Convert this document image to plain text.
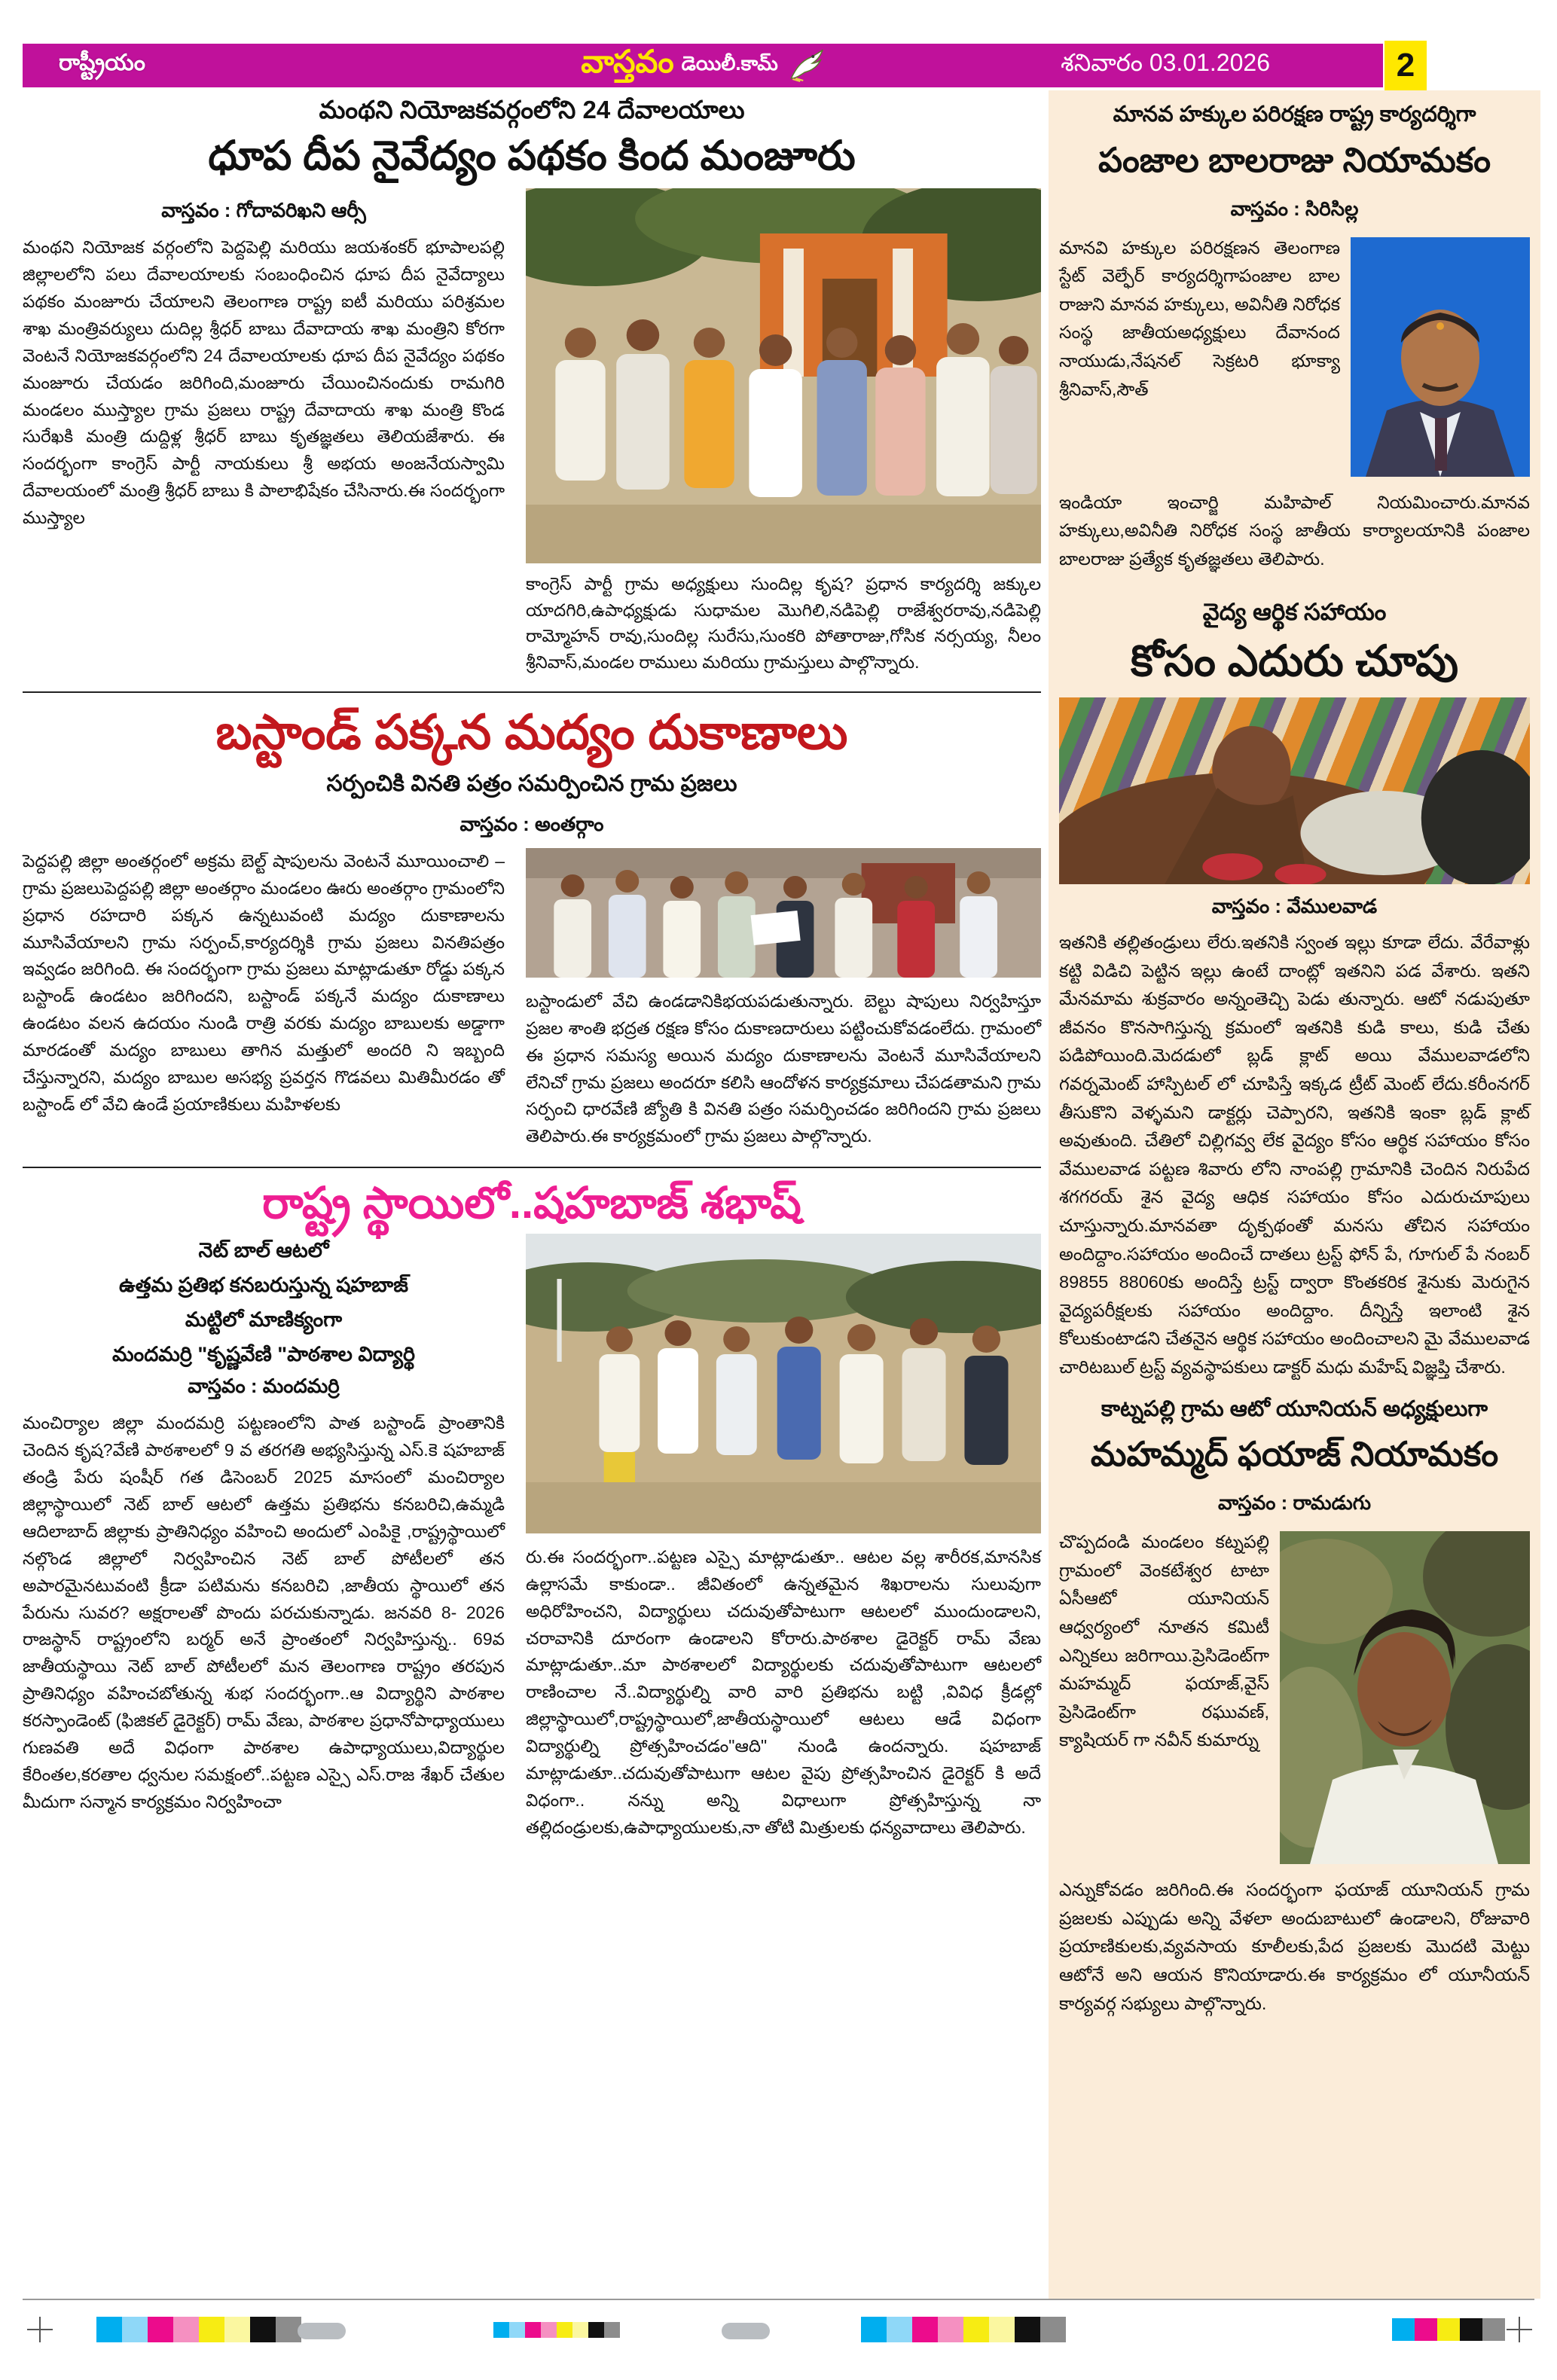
రాష్ట్రీయం	వాస్తవం డెయిలీ.కామ్	శనివారం 03.01.2026	2
మంథని నియోజకవర్గంలోని 24 దేవాలయాలు
ధూప దీప నైవేద్యం పథకం కింద మంజూరు
వాస్తవం : గోదావరిఖని ఆర్సీ
మంథని నియోజక వర్గంలోని పెద్దపెల్లి మరియు జయశంకర్ భూపాలపల్లి జిల్లాలలోని పలు దేవాలయాలకు సంబంధించిన ధూప దీప నైవేద్యాలు పథకం మంజూరు చేయాలని తెలంగాణ రాష్ట్ర ఐటీ మరియు పరిశ్రమల శాఖ మంత్రివర్యులు దుదిల్ల శ్రీధర్ బాబు దేవాదాయ శాఖ మంత్రిని కోరగా వెంటనే నియోజకవర్గంలోని 24 దేవాలయాలకు ధూప దీప నైవేద్యం పథకం మంజూరు చేయడం జరిగింది,మంజూరు చేయించినందుకు రామగిరి మండలం ముస్త్యాల గ్రామ ప్రజలు రాష్ట్ర దేవాదాయ శాఖ మంత్రి కొండ సురేఖకి మంత్రి దుద్దిళ్ల శ్రీధర్ బాబు కృతజ్ఞతలు తెలియజేశారు. ఈ సందర్భంగా కాంగ్రెస్ పార్టీ నాయకులు శ్రీ అభయ అంజనేయస్వామి దేవాలయంలో మంత్రి శ్రీధర్ బాబు కి పాలాభిషేకం చేసినారు.ఈ సందర్భంగా ముస్త్యాల
కాంగ్రెస్ పార్టీ గ్రామ అధ్యక్షులు సుందిల్ల కృష? ప్రధాన కార్యదర్శి జక్కుల యాదగిరి,ఉపాధ్యక్షుడు సుధామల మొగిలి,నడిపెల్లి రాజేశ్వరరావు,నడిపెల్లి రామ్మోహన్ రావు,సుందిల్ల సురేసు,సుంకరి పోతారాజు,గోసిక నర్సయ్య, నీలం శ్రీనివాస్,మండల రాములు మరియు గ్రామస్తులు పాల్గొన్నారు.
బస్టాండ్ పక్కన మద్యం దుకాణాలు
సర్పంచికి వినతి పత్రం సమర్పించిన గ్రామ ప్రజలు
వాస్తవం : అంతర్గాం
పెద్దపల్లి జిల్లా అంతర్గంలో అక్రమ బెల్ట్ షాపులను వెంటనే మూయించాలి –గ్రామ ప్రజలుపెద్దపల్లి జిల్లా అంతర్గాం మండలం ఊరు అంతర్గాం గ్రామంలోని ప్రధాన రహదారి పక్కన ఉన్నటువంటి మద్యం దుకాణాలను మూసివేయాలని గ్రామ సర్పంచ్,కార్యదర్శికి గ్రామ ప్రజలు వినతిపత్రం ఇవ్వడం జరిగింది. ఈ సందర్భంగా గ్రామ ప్రజలు మాట్లాడుతూ రోడ్డు పక్కన బస్టాండ్ ఉండటం జరిగిందని, బస్టాండ్ పక్కనే మద్యం దుకాణాలు ఉండటం వలన ఉదయం నుండి రాత్రి వరకు మద్యం బాబులకు అడ్డాగా మారడంతో మద్యం బాబులు తాగిన మత్తులో అందరి ని ఇబ్బంది చేస్తున్నారని, మద్యం బాబుల అసభ్య ప్రవర్తన గొడవలు మితిమీరడం తో బస్టాండ్ లో వేచి ఉండే ప్రయాణికులు మహిళలకు
బస్టాండులో వేచి ఉండడానికిభయపడుతున్నారు. బెల్టు షాపులు నిర్వహిస్తూ ప్రజల శాంతి భద్రత రక్షణ కోసం దుకాణదారులు పట్టించుకోవడంలేదు. గ్రామంలో ఈ ప్రధాన సమస్య అయిన మద్యం దుకాణాలను వెంటనే మూసివేయాలని లేనిచో గ్రామ ప్రజలు అందరూ కలిసి ఆందోళన కార్యక్రమాలు చేపడతామని గ్రామ సర్పంచి ధారవేణి జ్యోతి కి వినతి పత్రం సమర్పించడం జరిగిందని గ్రామ ప్రజలు తెలిపారు.ఈ కార్యక్రమంలో గ్రామ ప్రజలు పాల్గొన్నారు.
రాష్ట్ర స్థాయిలో..షహబాజ్ శభాష్
నెట్ బాల్ ఆటలో
ఉత్తమ ప్రతిభ కనబరుస్తున్న షహబాజ్
మట్టిలో మాణిక్యంగా
మందమర్రి "కృష్ణవేణి "పాఠశాల విద్యార్థి
వాస్తవం : మందమర్రి
మంచిర్యాల జిల్లా మందమర్రి పట్టణంలోని పాత బస్టాండ్ ప్రాంతానికి చెందిన కృష?వేణి పాఠశాలలో 9 వ తరగతి అభ్యసిస్తున్న ఎస్.కె షహబాజ్ తండ్రి పేరు షంషీర్ గత డిసెంబర్ 2025 మాసంలో మంచిర్యాల జిల్లాస్థాయిలో నెట్ బాల్ ఆటలో ఉత్తమ ప్రతిభను కనబరిచి,ఉమ్మడి ఆదిలాబాద్ జిల్లాకు ప్రాతినిధ్యం వహించి అందులో ఎంపికై ,రాష్ట్రస్థాయిలో నల్గొండ జిల్లాలో నిర్వహించిన నెట్ బాల్ పోటీలలో తన అపారమైనటువంటి క్రీడా పటిమను కనబరిచి ,జాతీయ స్థాయిలో తన పేరును సువర? అక్షరాలతో పొందు పరచుకున్నాడు. జనవరి 8- 2026 రాజస్థాన్ రాష్ట్రంలోని బర్మర్ అనే ప్రాంతంలో నిర్వహిస్తున్న.. 69వ జాతీయస్థాయి నెట్ బాల్ పోటీలలో మన తెలంగాణ రాష్ట్రం తరపున ప్రాతినిధ్యం వహించబోతున్న శుభ సందర్భంగా..ఆ విద్యార్థిని పాఠశాల కరస్పాండెంట్ (ఫిజికల్ డైరెక్టర్) రామ్ వేణు, పాఠశాల ప్రధానోపాధ్యాయులు గుణవతి అదే విధంగా పాఠశాల ఉపాధ్యాయులు,విద్యార్థుల కేరింతల,కరతాల ధ్వనుల సమక్షంలో..పట్టణ ఎస్సై ఎస్.రాజ శేఖర్ చేతుల మీదుగా సన్మాన కార్యక్రమం నిర్వహించా
రు.ఈ సందర్భంగా..పట్టణ ఎస్సై మాట్లాడుతూ.. ఆటల వల్ల శారీరక,మానసిక ఉల్లాసమే కాకుండా.. జీవితంలో ఉన్నతమైన శిఖరాలను సులువుగా అధిరోహించని, విద్యార్థులు చదువుతోపాటుగా ఆటలలో ముందుండాలని, చరావానికి దూరంగా ఉండాలని కోరారు.పాఠశాల డైరెక్టర్ రామ్ వేణు మాట్లాడుతూ..మా పాఠశాలలో విద్యార్థులకు చదువుతోపాటుగా ఆటలలో రాణించాల నే..విద్యార్థుల్ని వారి వారి ప్రతిభను బట్టి ,వివిధ క్రీడల్లో జిల్లాస్థాయిలో,రాష్ట్రస్థాయిలో,జాతీయస్థాయిలో ఆటలు ఆడే విధంగా విద్యార్థుల్ని ప్రోత్సహించడం"ఆది" నుండి ఉందన్నారు. షహబాజ్ మాట్లాడుతూ..చదువుతోపాటుగా ఆటల వైపు ప్రోత్సహించిన డైరెక్టర్ కి అదే విధంగా.. నన్ను అన్ని విధాలుగా ప్రోత్సహిస్తున్న నా తల్లిదండ్రులకు,ఉపాధ్యాయులకు,నా తోటి మిత్రులకు ధన్యవాదాలు తెలిపారు.
మానవ హక్కుల పరిరక్షణ రాష్ట్ర కార్యదర్శిగా
పంజాల బాలరాజు నియామకం
వాస్తవం : సిరిసిల్ల
మానవి హక్కుల పరిరక్షణన తెలంగాణ స్టేట్ వెల్ఫేర్ కార్యదర్శిగాపంజాల బాల రాజుని మానవ హక్కులు, అవినీతి నిరోధక సంస్థ జాతీయఅధ్యక్షులు దేవానంద నాయుడు,నేషనల్ సెక్రటరి భూక్యా శ్రీనివాస్,సౌత్
ఇండియా ఇంచార్జి మహిపాల్ నియమించారు.మానవ హక్కులు,అవినీతి నిరోధక సంస్థ జాతీయ కార్యాలయానికి పంజాల బాలరాజు ప్రత్యేక కృతజ్ఞతలు తెలిపారు.
వైద్య ఆర్థిక సహాయం
కోసం ఎదురు చూపు
వాస్తవం : వేములవాడ
ఇతనికి తల్లితండ్రులు లేరు.ఇతనికి స్వంత ఇల్లు కూడా లేదు. వేరేవాళ్లు కట్టి విడిచి పెట్టిన ఇల్లు ఉంటే దాంట్లో ఇతనిని పడ వేశారు. ఇతని మేనమామ శుక్రవారం అన్నంతెచ్చి పెడు తున్నారు. ఆటో నడుపుతూ జీవనం కొనసాగిస్తున్న క్రమంలో ఇతనికి కుడి కాలు, కుడి చేతు పడిపోయింది.మెదడులో బ్లడ్ క్లాట్ అయి వేములవాడలోని గవర్నమెంట్ హాస్పిటల్ లో చూపిస్తే ఇక్కడ ట్రీట్ మెంట్ లేదు.కరీంనగర్ తీసుకొని వెళ్ళమని డాక్టర్లు చెప్పారని, ఇతనికి ఇంకా బ్లడ్ క్లాట్ అవుతుంది. చేతిలో చిల్లిగవ్వ లేక వైద్యం కోసం ఆర్థిక సహాయం కోసం వేములవాడ పట్టణ శివారు లోని నాంపల్లి గ్రామానికి చెందిన నిరుపేద శగగరయ్ శైన వైద్య ఆధిక సహాయం కోసం ఎదురుచూపులు చూస్తున్నారు.మానవతా దృక్పథంతో మనసు తోచిన సహాయం అందిద్దాం.సహాయం అందించే దాతలు ట్రస్ట్ ఫోన్ పే, గూగుల్ పే నంబర్ 89855 88060కు అందిస్తే ట్రస్ట్ ద్వారా కొంతకరిక శైనుకు మెరుగైన వైద్యపరీక్షలకు సహాయం అందిద్దాం. దీన్నిస్తే ఇలాంటి శైన కోలుకుంటాడని చేతనైన ఆర్థిక సహాయం అందించాలని మై వేములవాడ చారిటబుల్ ట్రస్ట్ వ్యవస్థాపకులు డాక్టర్ మధు మహేష్ విజ్ఞప్తి చేశారు.
కాట్నపల్లి గ్రామ ఆటో యూనియన్ అధ్యక్షులుగా
మహమ్మద్ ఫయాజ్ నియామకం
వాస్తవం : రామడుగు
చొప్పదండి మండలం కట్నపల్లి గ్రామంలో వెంకటేశ్వర టాటా ఏసీఆటో యూనియన్ ఆధ్వర్యంలో నూతన కమిటీ ఎన్నికలు జరిగాయి.ప్రెసిడెంట్‌గా మహమ్మద్ ఫయాజ్,వైస్ ప్రెసిడెంట్‌గా రఘువణ్, క్యాషియర్ గా నవీన్ కుమార్ను
ఎన్నుకోవడం జరిగింది.ఈ సందర్భంగా ఫయాజ్ యూనియన్ గ్రామ ప్రజలకు ఎప్పుడు అన్ని వేళలా అందుబాటులో ఉండాలని, రోజువారి ప్రయాణికులకు,వ్యవసాయ కూలీలకు,పేద ప్రజలకు మొదటి మెట్టు ఆటోనే అని ఆయన కొనియాడారు.ఈ కార్యక్రమం లో యూనీయన్ కార్యవర్గ సభ్యులు పాల్గొన్నారు.
